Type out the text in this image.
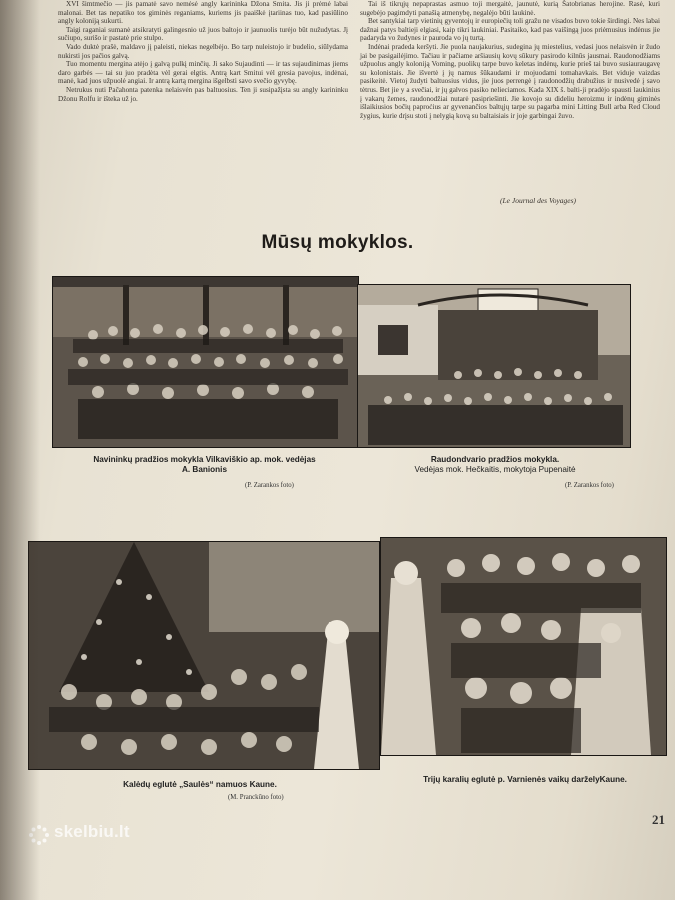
XVI šimtmečio — jis pamatė savo nemėsė angly karininka Džona Smita. Jis ji prėmė labai malonai. Bet tas nepatiko tos giminės reganiams, kuriems jis paaiškė įtariinas tuo, kad pasiūlino angly koloniją sukurti.

Taigi raganiai sumanė atsikratyti galingesnio už juos baltojo ir jaunuolis turėjo būt nužudytas. Jį sučiupo, surišo ir pastatė prie stulpo.

Vado duktė prašė, maldavo jį paleisti, niekas negelbėjo. Bo tarp nuleistojo ir budelio, siūlydama nukirsti jos pačios galvą.

Tuo momentu mergina atėjo į galvą pulkį minčių. Ji sako Sujaudinti — ir tas sujaudinimas jiems daro garbės — tai su juo pradėta vėl gerai elgtis. Antrą kart Smitui vėl gresia pavojus, indėnai, manė, kad juos užpuolė angiai. Ir antrą kartą mergina išgelbsti savo svečio gyvybę.

Netrukus nuti Pačahonta patenka nelaisvėn pas baltuosius. Ten ji susipažįsta su angly karininku Džonu Rolfu ir išteka už jo.

Tai iš tikrųjų nepaprastas asmuo toji mergaitė, jaunutė, kurią Šatobrianas herojine. Rasė, kuri sugebėjo pagimdyti panašią atmenybę, negalėjo būti laukinė.

Bet santykiai tarp vietinių gyventojų ir europiečių toli gražu ne visados buvo tokie širdingi. Nes labai dažnai patys baltieji elgiasi, kaip tikri laukiniai. Pasitaiko, kad pas vaišingą juos priėmusius indėnus jie padaryda vo žudynes ir pauroda vo jų turtą.

Indėnai pradeda keršyti. Jie puola naujakurius, sudegina jų miestelius, vedasi juos nelaisvėn ir žudo jai be pasigailėjimo. Tačiau ir pačiame aršiausių kovų sūkury pasirodo kilnūs jausmai. Raudonodžiams užpuolus angly koloniją Voming, puolikų tarpe buvo keletas indėnų, kurie prieš tai buvo susiauraugavę su kolonistais. Jie išvertė į jų namus šūkaudami ir mojuodami tomahavkais. Bet viduje vaizdas pasikeitė. Vietoj žudyti baltuosius vidus, jie juos perrengė į raudonodžių drabužius ir nusivedė į savo tėtrus. Bet jie y a svečiai, ir jų galvos pasiko nelieciamos. Kada XIX š. balti-ji pradėjo spausti laukinius į vakarų žemes, raudonodžiai nutarė pasipriešinti. Jie kovojo su dideliu heroizmu ir indėnų giminės išlaikiusios bočių paproćius ar gyvenančios baltųjų tarpe su pagarba mini Litting Bull arba Red Cloud žygius, kurie drįsu stoti į nelygią kovą su baltaisiais ir joje garbingai žuvo.

(Le Journal des Voyages)
Mūsų mokyklos.
Navininkų pradžios mokykla Vilkaviškio ap. mok. vedėjas
A. Banionis
(P. Zarankos foto)
Raudondvario pradžios mokykla.
Vedėjas mok. Hečkaitis, mokytoja Pupenaitė
(P. Zarankos foto)
Kalėdų eglutė „Saulės“ namuos Kaune.
(M. Pranckūno foto)
Trijų karalių eglutė p. Varnienės vaikų darželyKaune.
21
skelbiu.lt
